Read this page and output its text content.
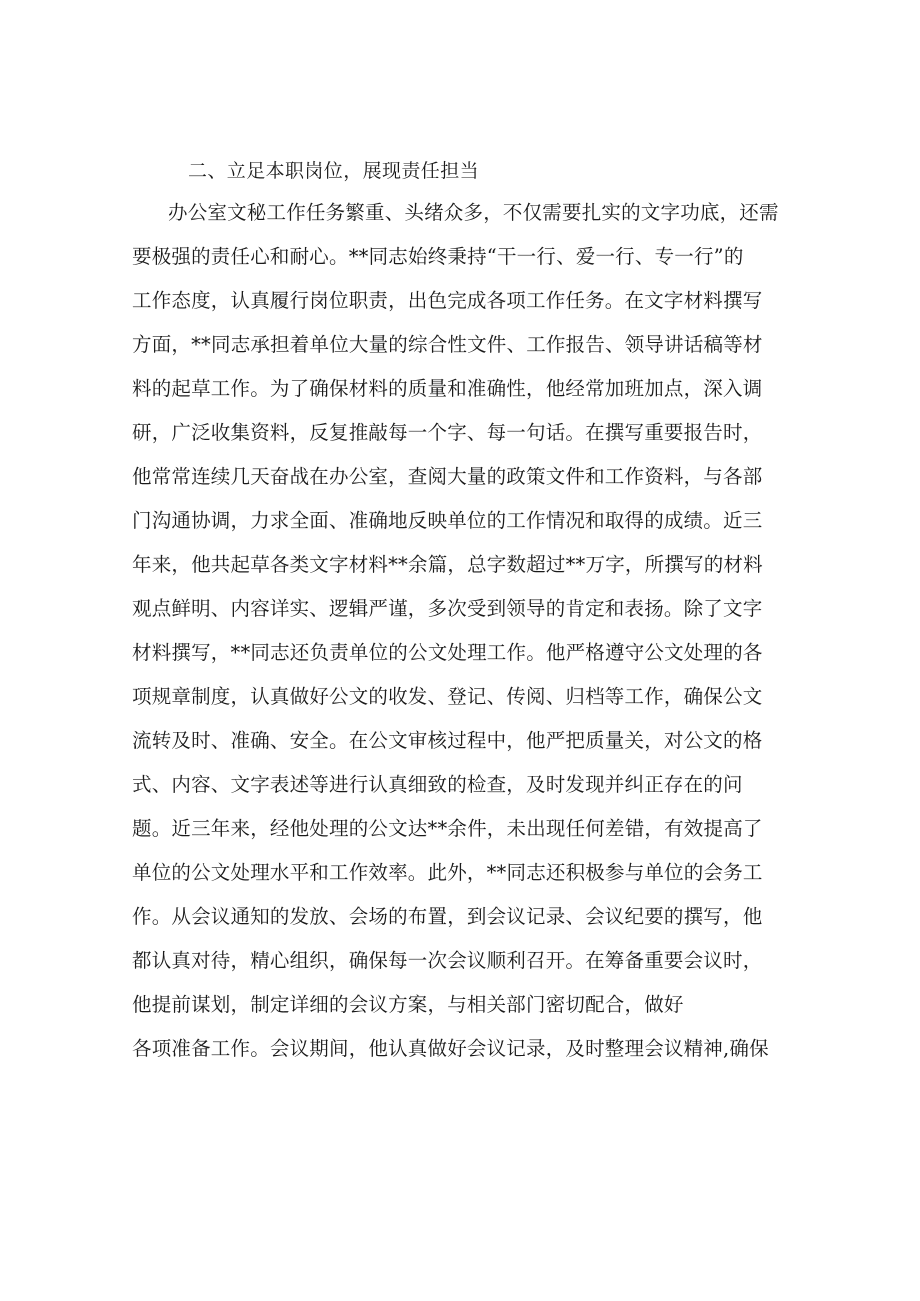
二、立足本职岗位，展现责任担当
办公室文秘工作任务繁重、头绪众多，不仅需要扎实的文字功底，还需
要极强的责任心和耐心。**同志始终秉持“干一行、爱一行、专一行”的
工作态度，认真履行岗位职责，出色完成各项工作任务。在文字材料撰写
方面，**同志承担着单位大量的综合性文件、工作报告、领导讲话稿等材
料的起草工作。为了确保材料的质量和准确性，他经常加班加点，深入调
研，广泛收集资料，反复推敲每一个字、每一句话。在撰写重要报告时，
他常常连续几天奋战在办公室，查阅大量的政策文件和工作资料，与各部
门沟通协调，力求全面、准确地反映单位的工作情况和取得的成绩。近三
年来，他共起草各类文字材料**余篇，总字数超过**万字，所撰写的材料
观点鲜明、内容详实、逻辑严谨，多次受到领导的肯定和表扬。除了文字
材料撰写，**同志还负责单位的公文处理工作。他严格遵守公文处理的各
项规章制度，认真做好公文的收发、登记、传阅、归档等工作，确保公文
流转及时、准确、安全。在公文审核过程中，他严把质量关，对公文的格
式、内容、文字表述等进行认真细致的检查，及时发现并纠正存在的问
题。近三年来，经他处理的公文达**余件，未出现任何差错，有效提高了
单位的公文处理水平和工作效率。此外，**同志还积极参与单位的会务工
作。从会议通知的发放、会场的布置，到会议记录、会议纪要的撰写，他
都认真对待，精心组织，确保每一次会议顺利召开。在筹备重要会议时，
他提前谋划，制定详细的会议方案，与相关部门密切配合，做好
各项准备工作。会议期间，他认真做好会议记录，及时整理会议精神,确保
